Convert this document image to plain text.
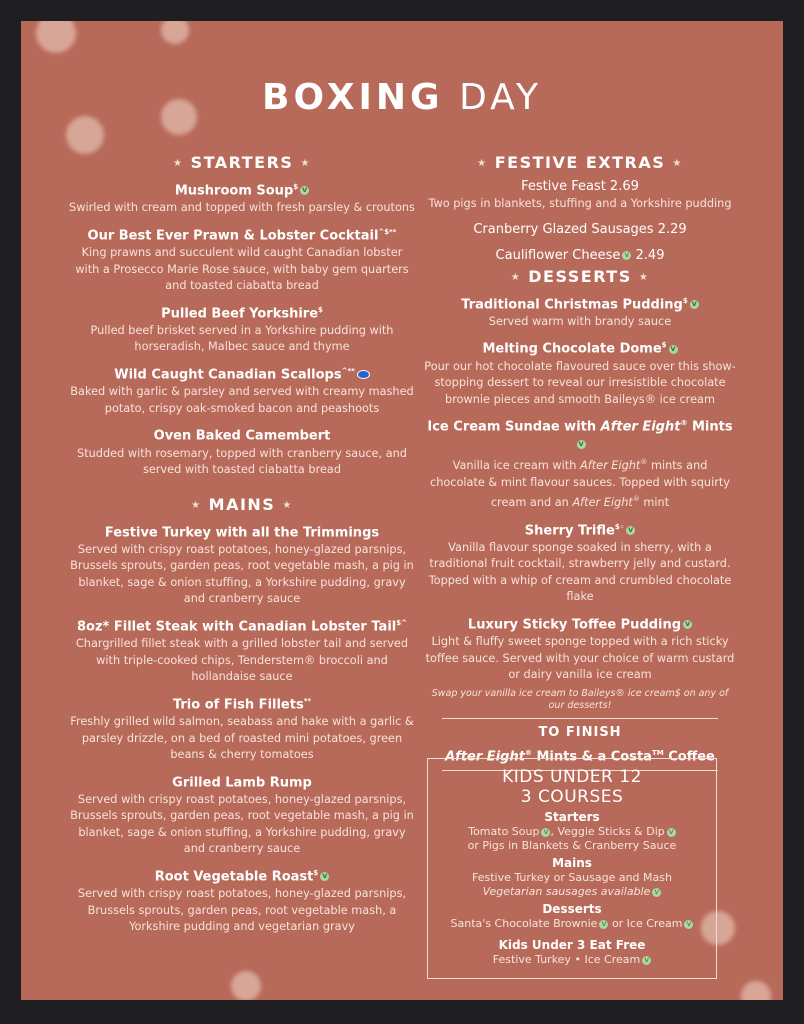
BOXING DAY
★ STARTERS ★
Mushroom Soup$ V
Swirled with cream and topped with fresh parsley & croutons
Our Best Ever Prawn & Lobster Cocktail^$**
King prawns and succulent wild caught Canadian lobster with a Prosecco Marie Rose sauce, with baby gem quarters and toasted ciabatta bread
Pulled Beef Yorkshire$
Pulled beef brisket served in a Yorkshire pudding with horseradish, Malbec sauce and thyme
Wild Caught Canadian Scallops^**
Baked with garlic & parsley and served with creamy mashed potato, crispy oak-smoked bacon and peashoots
Oven Baked Camembert
Studded with rosemary, topped with cranberry sauce, and served with toasted ciabatta bread
★ MAINS ★
Festive Turkey with all the Trimmings
Served with crispy roast potatoes, honey-glazed parsnips, Brussels sprouts, garden peas, root vegetable mash, a pig in blanket, sage & onion stuffing, a Yorkshire pudding, gravy and cranberry sauce
8oz* Fillet Steak with Canadian Lobster Tail$^
Chargrilled fillet steak with a grilled lobster tail and served with triple-cooked chips, Tenderstem® broccoli and hollandaise sauce
Trio of Fish Fillets**
Freshly grilled wild salmon, seabass and hake with a garlic & parsley drizzle, on a bed of roasted mini potatoes, green beans & cherry tomatoes
Grilled Lamb Rump
Served with crispy roast potatoes, honey-glazed parsnips, Brussels sprouts, garden peas, root vegetable mash, a pig in blanket, sage & onion stuffing, a Yorkshire pudding, gravy and cranberry sauce
Root Vegetable Roast$ V
Served with crispy roast potatoes, honey-glazed parsnips, Brussels sprouts, garden peas, root vegetable mash, a Yorkshire pudding and vegetarian gravy
★ FESTIVE EXTRAS ★
Festive Feast 2.69
Two pigs in blankets, stuffing and a Yorkshire pudding
Cranberry Glazed Sausages 2.29
Cauliflower Cheese V 2.49
★ DESSERTS ★
Traditional Christmas Pudding$ V
Served warm with brandy sauce
Melting Chocolate Dome$ V
Pour our hot chocolate flavoured sauce over this show-stopping dessert to reveal our irresistible chocolate brownie pieces and smooth Baileys® ice cream
Ice Cream Sundae with After Eight® MintsV
Vanilla ice cream with After Eight® mints and chocolate & mint flavour sauces. Topped with squirty cream and an After Eight® mint
Sherry Trifle$◦ V
Vanilla flavour sponge soaked in sherry, with a traditional fruit cocktail, strawberry jelly and custard. Topped with a whip of cream and crumbled chocolate flake
Luxury Sticky Toffee Pudding V
Light & fluffy sweet sponge topped with a rich sticky toffee sauce. Served with your choice of warm custard or dairy vanilla ice cream
Swap your vanilla ice cream to Baileys® ice cream$ on any of our desserts!
TO FINISH
After Eight® Mints & a Costa™ Coffee
KIDS UNDER 12
3 COURSES
Starters
Tomato Soup V , Veggie Sticks & Dip V
or Pigs in Blankets & Cranberry Sauce
Mains
Festive Turkey or Sausage and Mash
Vegetarian sausages available V
Desserts
Santa's Chocolate Brownie V or Ice Cream V
Kids Under 3 Eat Free
Festive Turkey • Ice Cream V
